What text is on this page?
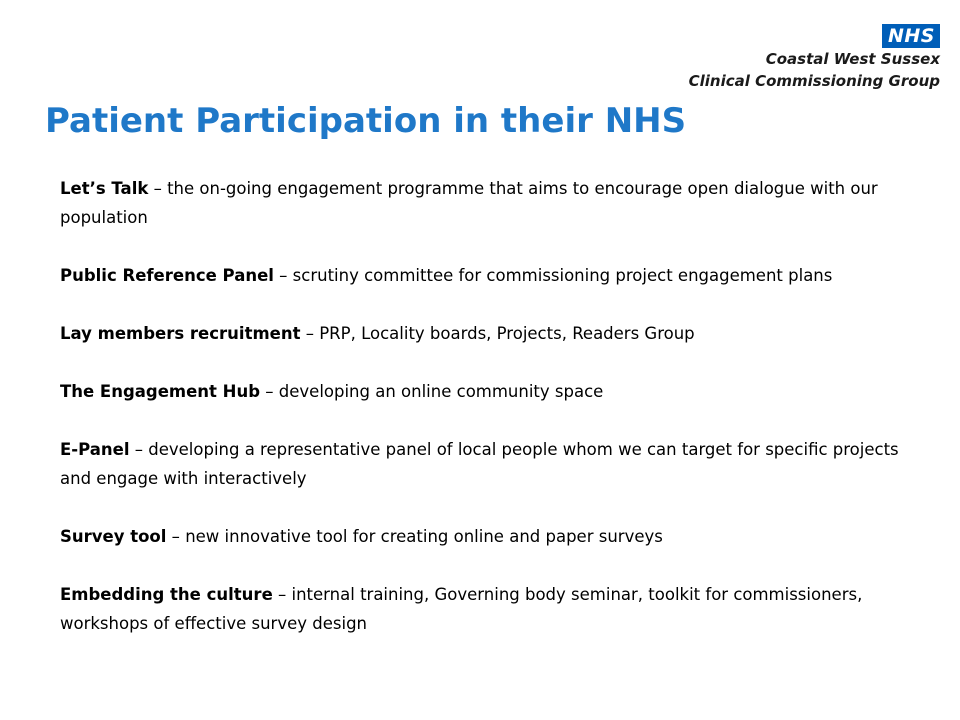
NHS
Coastal West Sussex
Clinical Commissioning Group
Patient Participation in their NHS

Let’s Talk – the on-going engagement programme that aims to encourage open dialogue with our population

Public Reference Panel – scrutiny committee for commissioning project engagement plans

Lay members recruitment – PRP, Locality boards, Projects, Readers Group

The Engagement Hub – developing an online community space

E-Panel – developing a representative panel of local people whom we can target for specific projects and engage with interactively

Survey tool – new innovative tool for creating online and paper surveys

Embedding the culture – internal training, Governing body seminar, toolkit for commissioners, workshops of effective survey design
